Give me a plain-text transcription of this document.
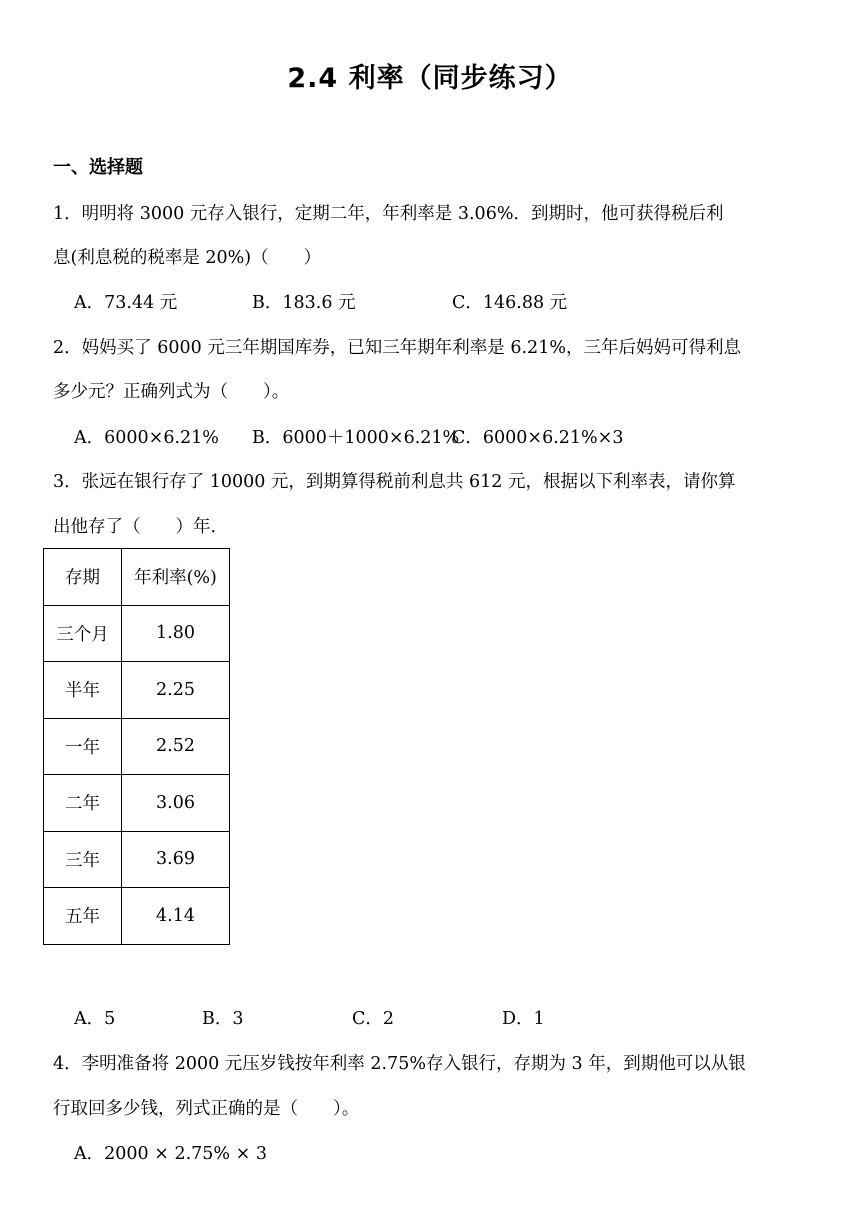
2.4 利率（同步练习）
一、选择题
1．明明将 3000 元存入银行，定期二年，年利率是 3.06%．到期时，他可获得税后利
息(利息税的税率是 20%)（　　）
A．73.44 元	B．183.6 元	C．146.88 元
2．妈妈买了 6000 元三年期国库券，已知三年期年利率是 6.21%，三年后妈妈可得利息
多少元？正确列式为（　　）。
A．6000×6.21% B．6000＋1000×6.21%
C．6000×6.21%×3
3．张远在银行存了 10000 元，到期算得税前利息共 612 元，根据以下利率表，请你算
出他存了（　　）年．
存期	年利率(%)
三个月	1.80
半年	2.25
一年	2.52
二年	3.06
三年	3.69
五年	4.14
A．5	B．3	C．2	D．1
4．李明准备将 2000 元压岁钱按年利率 2.75%存入银行，存期为 3 年，到期他可以从银
行取回多少钱，列式正确的是（　　）。
A．2000 × 2.75% × 3
